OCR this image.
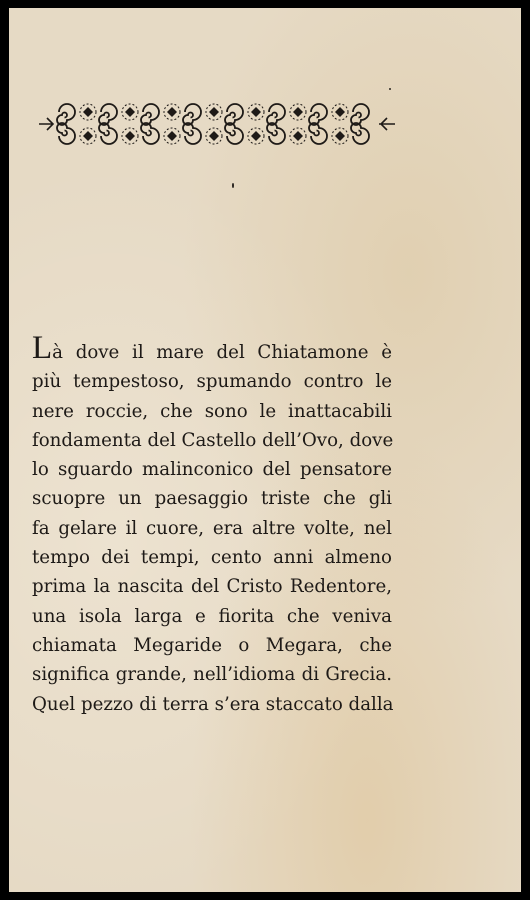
Là dove il mare del Chiatamone è
più tempestoso, spumando contro le
nere roccie, che sono le inattacabili
fondamenta del Castello dell’Ovo, dove
lo sguardo malinconico del pensatore
scuopre un paesaggio triste che gli
fa gelare il cuore, era altre volte, nel
tempo dei tempi, cento anni almeno
prima la nascita del Cristo Redentore,
una isola larga e fiorita che veniva
chiamata Megaride o Megara, che
significa grande, nell’idioma di Grecia.
Quel pezzo di terra s’era staccato dalla
